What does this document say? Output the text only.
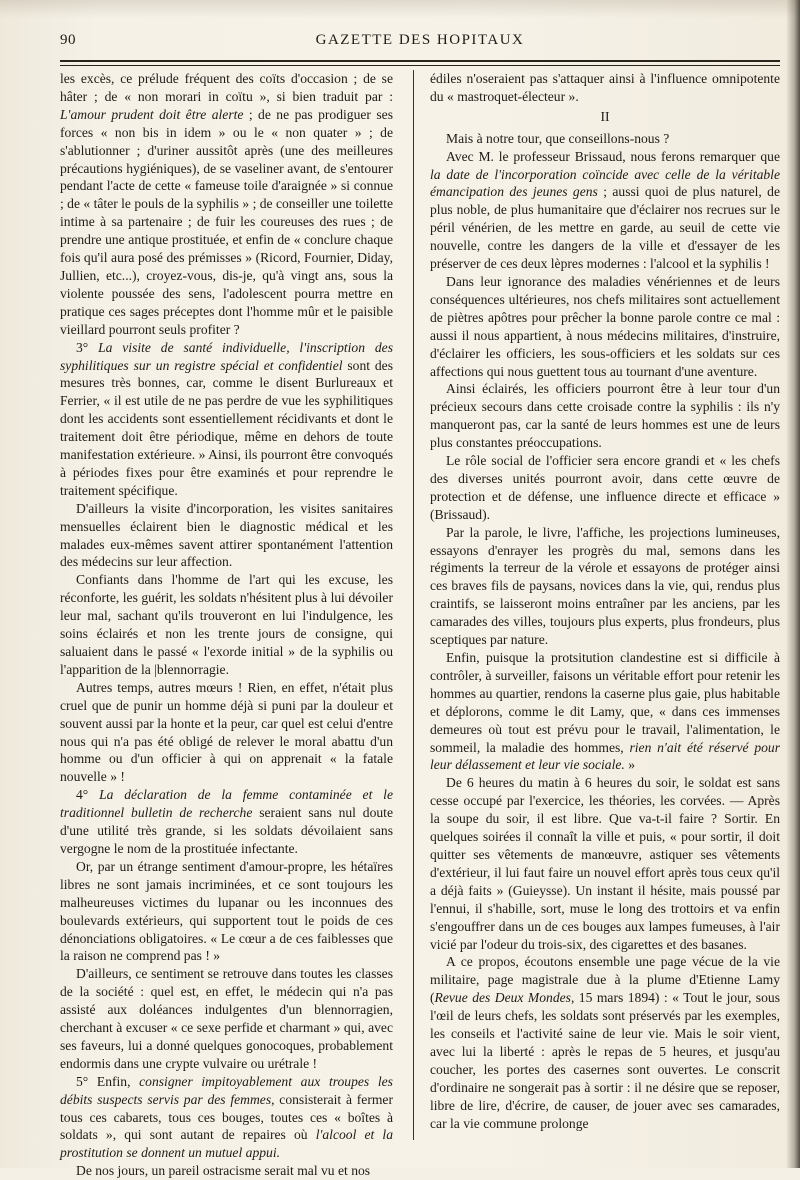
90	GAZETTE DES HOPITAUX

les excès, ce prélude fréquent des coïts d'occasion ; de se hâter ; de « non morari in coïtu », si bien traduit par : L'amour prudent doit être alerte ; de ne pas prodiguer ses forces « non bis in idem » ou le « non quater » ; de s'ablutionner ; d'uriner aussitôt après (une des meilleures précautions hygiéniques), de se vaseliner avant, de s'entourer pendant l'acte de cette « fameuse toile d'araignée » si connue ; de « tâter le pouls de la syphilis » ; de conseiller une toilette intime à sa partenaire ; de fuir les coureuses des rues ; de prendre une antique prostituée, et enfin de « conclure chaque fois qu'il aura posé des prémisses » (Ricord, Fournier, Diday, Jullien, etc...), croyez-vous, dis-je, qu'à vingt ans, sous la violente poussée des sens, l'adolescent pourra mettre en pratique ces sages préceptes dont l'homme mûr et le paisible vieillard pourront seuls profiter ?

3° La visite de santé individuelle, l'inscription des syphilitiques sur un registre spécial et confidentiel sont des mesures très bonnes, car, comme le disent Burlureaux et Ferrier, « il est utile de ne pas perdre de vue les syphilitiques dont les accidents sont essentiellement récidivants et dont le traitement doit être périodique, même en dehors de toute manifestation extérieure. » Ainsi, ils pourront être convoqués à périodes fixes pour être examinés et pour reprendre le traitement spécifique.

D'ailleurs la visite d'incorporation, les visites sanitaires mensuelles éclairent bien le diagnostic médical et les malades eux-mêmes savent attirer spontanément l'attention des médecins sur leur affection.

Confiants dans l'homme de l'art qui les excuse, les réconforte, les guérit, les soldats n'hésitent plus à lui dévoiler leur mal, sachant qu'ils trouveront en lui l'indulgence, les soins éclairés et non les trente jours de consigne, qui saluaient dans le passé « l'exorde initial » de la syphilis ou l'apparition de la |blennorragie.

Autres temps, autres mœurs ! Rien, en effet, n'était plus cruel que de punir un homme déjà si puni par la douleur et souvent aussi par la honte et la peur, car quel est celui d'entre nous qui n'a pas été obligé de relever le moral abattu d'un homme ou d'un officier à qui on apprenait « la fatale nouvelle » !

4° La déclaration de la femme contaminée et le traditionnel bulletin de recherche seraient sans nul doute d'une utilité très grande, si les soldats dévoilaient sans vergogne le nom de la prostituée infectante.

Or, par un étrange sentiment d'amour-propre, les hétaïres libres ne sont jamais incriminées, et ce sont toujours les malheureuses victimes du lupanar ou les inconnues des boulevards extérieurs, qui supportent tout le poids de ces dénonciations obligatoires. « Le cœur a de ces faiblesses que la raison ne comprend pas ! »

D'ailleurs, ce sentiment se retrouve dans toutes les classes de la société : quel est, en effet, le médecin qui n'a pas assisté aux doléances indulgentes d'un blennorragien, cherchant à excuser « ce sexe perfide et charmant » qui, avec ses faveurs, lui a donné quelques gonocoques, probablement endormis dans une crypte vulvaire ou urétrale !

5° Enfin, consigner impitoyablement aux troupes les débits suspects servis par des femmes, consisterait à fermer tous ces cabarets, tous ces bouges, toutes ces « boîtes à soldats », qui sont autant de repaires où l'alcool et la prostitution se donnent un mutuel appui.

De nos jours, un pareil ostracisme serait mal vu et nos

édiles n'oseraient pas s'attaquer ainsi à l'influence omnipotente du « mastroquet-électeur ».

II

Mais à notre tour, que conseillons-nous ?

Avec M. le professeur Brissaud, nous ferons remarquer que la date de l'incorporation coïncide avec celle de la véritable émancipation des jeunes gens ; aussi quoi de plus naturel, de plus noble, de plus humanitaire que d'éclairer nos recrues sur le péril vénérien, de les mettre en garde, au seuil de cette vie nouvelle, contre les dangers de la ville et d'essayer de les préserver de ces deux lèpres modernes : l'alcool et la syphilis !

Dans leur ignorance des maladies vénériennes et de leurs conséquences ultérieures, nos chefs militaires sont actuellement de piètres apôtres pour prêcher la bonne parole contre ce mal : aussi il nous appartient, à nous médecins militaires, d'instruire, d'éclairer les officiers, les sous-officiers et les soldats sur ces affections qui nous guettent tous au tournant d'une aventure.

Ainsi éclairés, les officiers pourront être à leur tour d'un précieux secours dans cette croisade contre la syphilis : ils n'y manqueront pas, car la santé de leurs hommes est une de leurs plus constantes préoccupations.

Le rôle social de l'officier sera encore grandi et « les chefs des diverses unités pourront avoir, dans cette œuvre de protection et de défense, une influence directe et efficace » (Brissaud).

Par la parole, le livre, l'affiche, les projections lumineuses, essayons d'enrayer les progrès du mal, semons dans les régiments la terreur de la vérole et essayons de protéger ainsi ces braves fils de paysans, novices dans la vie, qui, rendus plus craintifs, se laisseront moins entraîner par les anciens, par les camarades des villes, toujours plus experts, plus frondeurs, plus sceptiques par nature.

Enfin, puisque la protsitution clandestine est si difficile à contrôler, à surveiller, faisons un véritable effort pour retenir les hommes au quartier, rendons la caserne plus gaie, plus habitable et déplorons, comme le dit Lamy, que, « dans ces immenses demeures où tout est prévu pour le travail, l'alimentation, le sommeil, la maladie des hommes, rien n'ait été réservé pour leur délassement et leur vie sociale. »

De 6 heures du matin à 6 heures du soir, le soldat est sans cesse occupé par l'exercice, les théories, les corvées. — Après la soupe du soir, il est libre. Que va-t-il faire ? Sortir. En quelques soirées il connaît la ville et puis, « pour sortir, il doit quitter ses vêtements de manœuvre, astiquer ses vêtements d'extérieur, il lui faut faire un nouvel effort après tous ceux qu'il a déjà faits » (Guieysse). Un instant il hésite, mais poussé par l'ennui, il s'habille, sort, muse le long des trottoirs et va enfin s'engouffrer dans un de ces bouges aux lampes fumeuses, à l'air vicié par l'odeur du trois-six, des cigarettes et des basanes.

A ce propos, écoutons ensemble une page vécue de la vie militaire, page magistrale due à la plume d'Etienne Lamy (Revue des Deux Mondes, 15 mars 1894) : « Tout le jour, sous l'œil de leurs chefs, les soldats sont préservés par les exemples, les conseils et l'activité saine de leur vie. Mais le soir vient, avec lui la liberté : après le repas de 5 heures, et jusqu'au coucher, les portes des casernes sont ouvertes. Le conscrit d'ordinaire ne songerait pas à sortir : il ne désire que se reposer, libre de lire, d'écrire, de causer, de jouer avec ses camarades, car la vie commune prolonge
